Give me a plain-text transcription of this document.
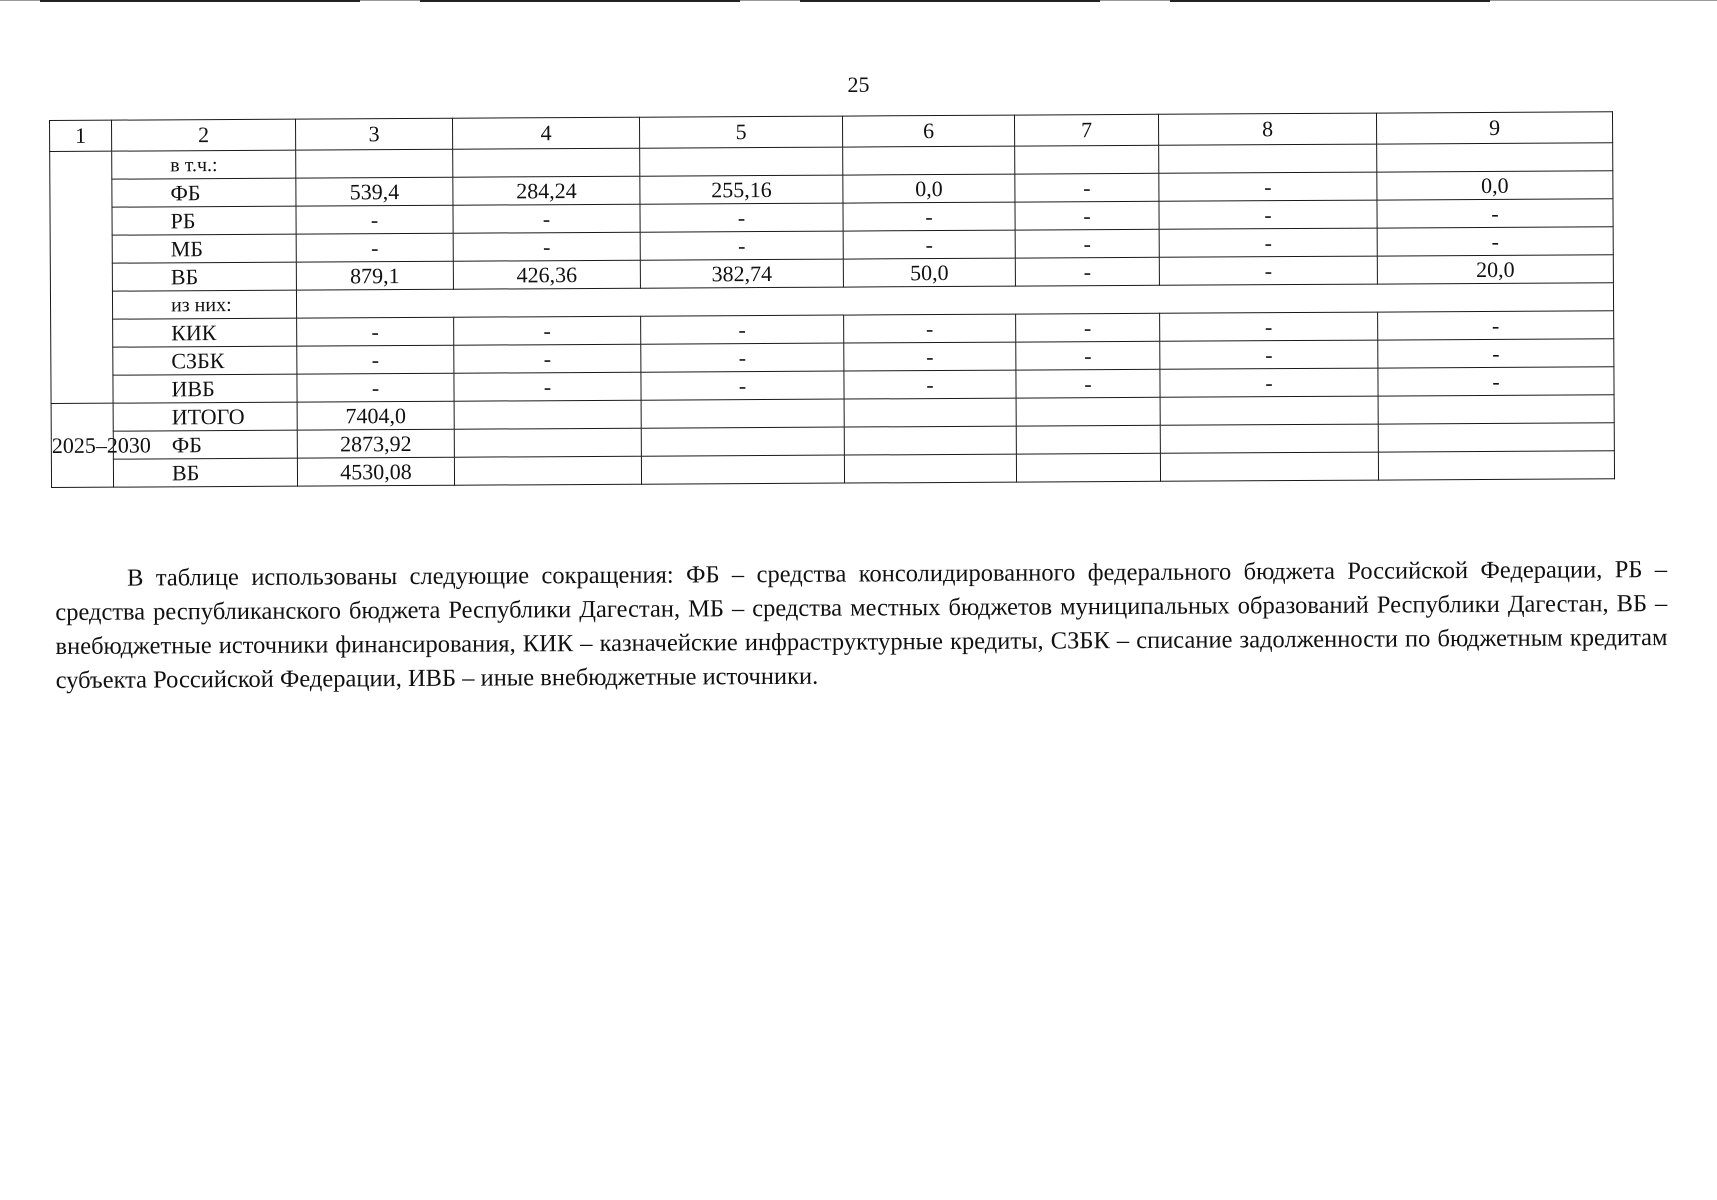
25
1	2	3	4	5	6	7	8	9
	в т.ч.:							
	ФБ	539,4	284,24	255,16	0,0	-	-	0,0
	РБ	-	-	-	-	-	-	-
	МБ	-	-	-	-	-	-	-
	ВБ	879,1	426,36	382,74	50,0	-	-	20,0
	из них:							
	КИК	-	-	-	-	-	-	-
	СЗБК	-	-	-	-	-	-	-
	ИВБ	-	-	-	-	-	-	-
2025–2030	ИТОГО	7404,0						
	ФБ	2873,92						
	ВБ	4530,08						

В таблице использованы следующие сокращения: ФБ – средства консолидированного федерального бюджета Российской Федерации, РБ – средства республиканского бюджета Республики Дагестан, МБ – средства местных бюджетов муниципальных образований Республики Дагестан, ВБ – внебюджетные источники финансирования, КИК – казначейские инфраструктурные кредиты, СЗБК – списание задолженности по бюджетным кредитам субъекта Российской Федерации, ИВБ – иные внебюджетные источники.
